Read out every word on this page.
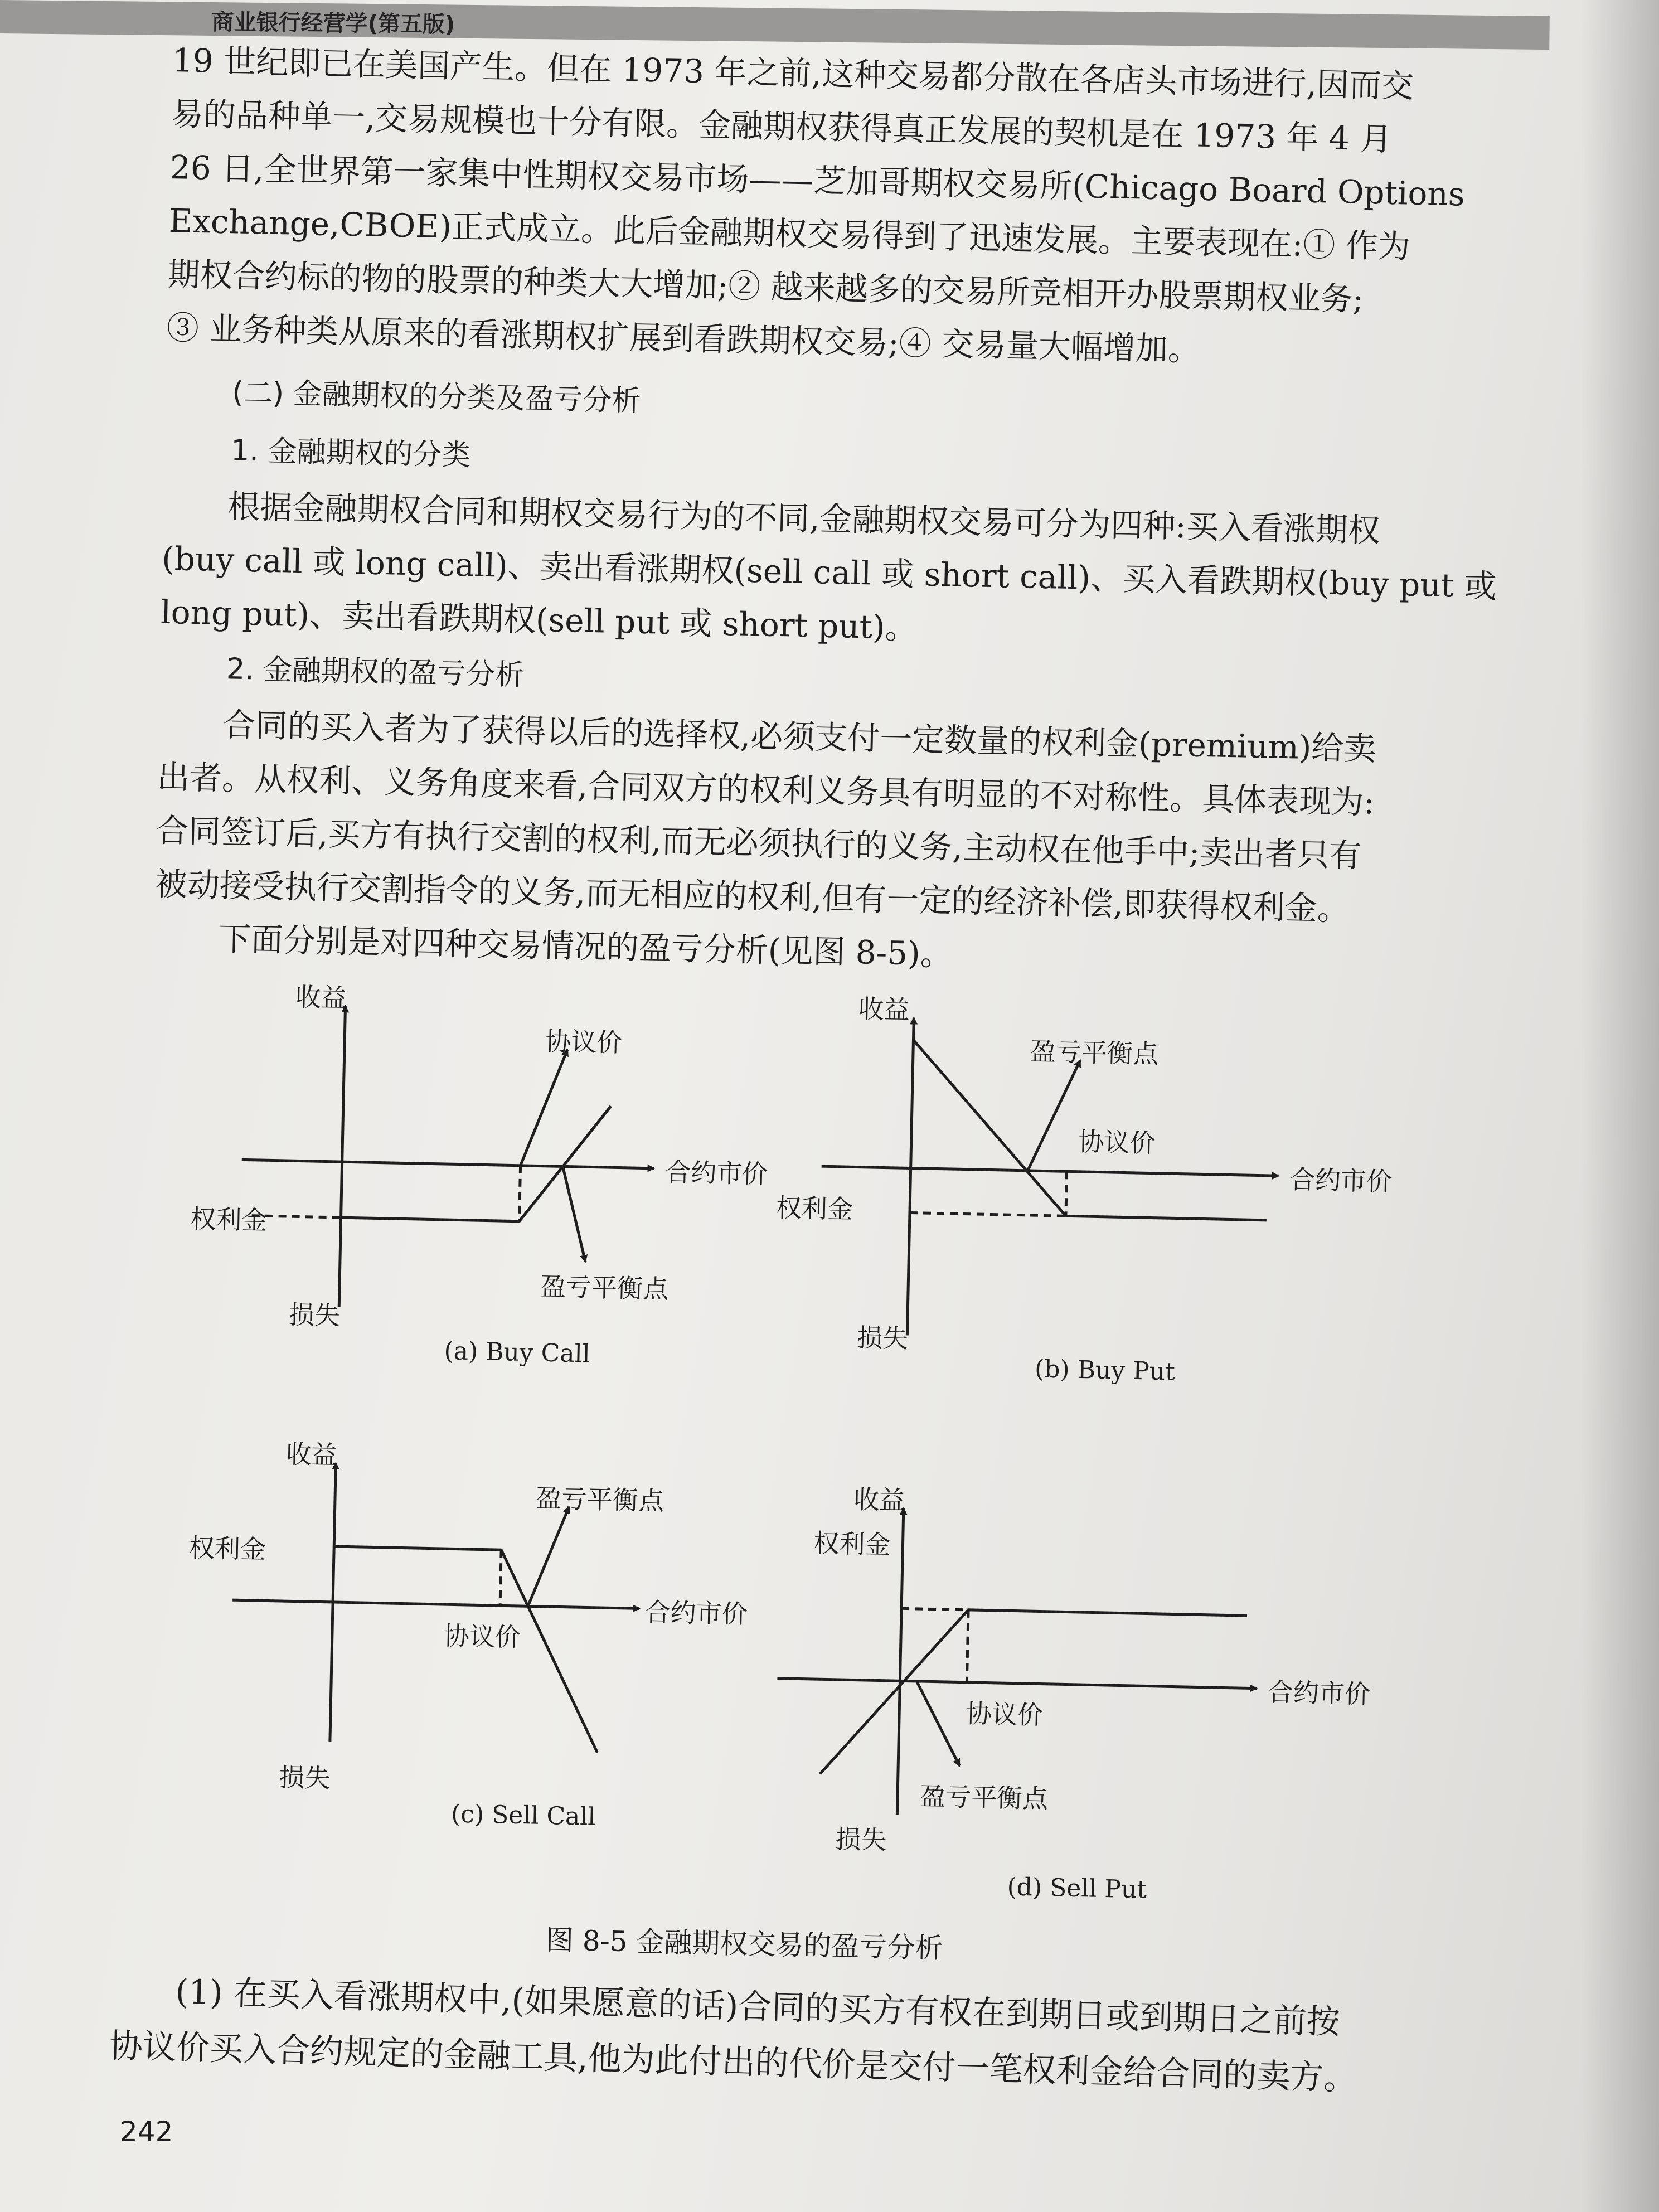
商业银行经营学(第五版)

19 世纪即已在美国产生。但在 1973 年之前,这种交易都分散在各店头市场进行,因而交

易的品种单一,交易规模也十分有限。金融期权获得真正发展的契机是在 1973 年 4 月

26 日,全世界第一家集中性期权交易市场——芝加哥期权交易所(Chicago Board Options

Exchange,CBOE)正式成立。此后金融期权交易得到了迅速发展。主要表现在:① 作为

期权合约标的物的股票的种类大大增加;② 越来越多的交易所竞相开办股票期权业务;

③ 业务种类从原来的看涨期权扩展到看跌期权交易;④ 交易量大幅增加。

(二) 金融期权的分类及盈亏分析

1. 金融期权的分类

根据金融期权合同和期权交易行为的不同,金融期权交易可分为四种:买入看涨期权

(buy call 或 long call)、卖出看涨期权(sell call 或 short call)、买入看跌期权(buy put 或

long put)、卖出看跌期权(sell put 或 short put)。

2. 金融期权的盈亏分析

合同的买入者为了获得以后的选择权,必须支付一定数量的权利金(premium)给卖

出者。从权利、义务角度来看,合同双方的权利义务具有明显的不对称性。具体表现为:

合同签订后,买方有执行交割的权利,而无必须执行的义务,主动权在他手中;卖出者只有

被动接受执行交割指令的义务,而无相应的权利,但有一定的经济补偿,即获得权利金。

下面分别是对四种交易情况的盈亏分析(见图 8-5)。

收益
协议价
合约市价
权利金
盈亏平衡点
损失
(a) Buy Call
收益
盈亏平衡点
协议价
合约市价
权利金
损失
(b) Buy Put
收益
盈亏平衡点
权利金
合约市价
协议价
损失
(c) Sell Call
收益
权利金
合约市价
协议价
盈亏平衡点
损失
(d) Sell Put
图 8-5 金融期权交易的盈亏分析

(1) 在买入看涨期权中,(如果愿意的话)合同的买方有权在到期日或到期日之前按

协议价买入合约规定的金融工具,他为此付出的代价是交付一笔权利金给合同的卖方。

242
